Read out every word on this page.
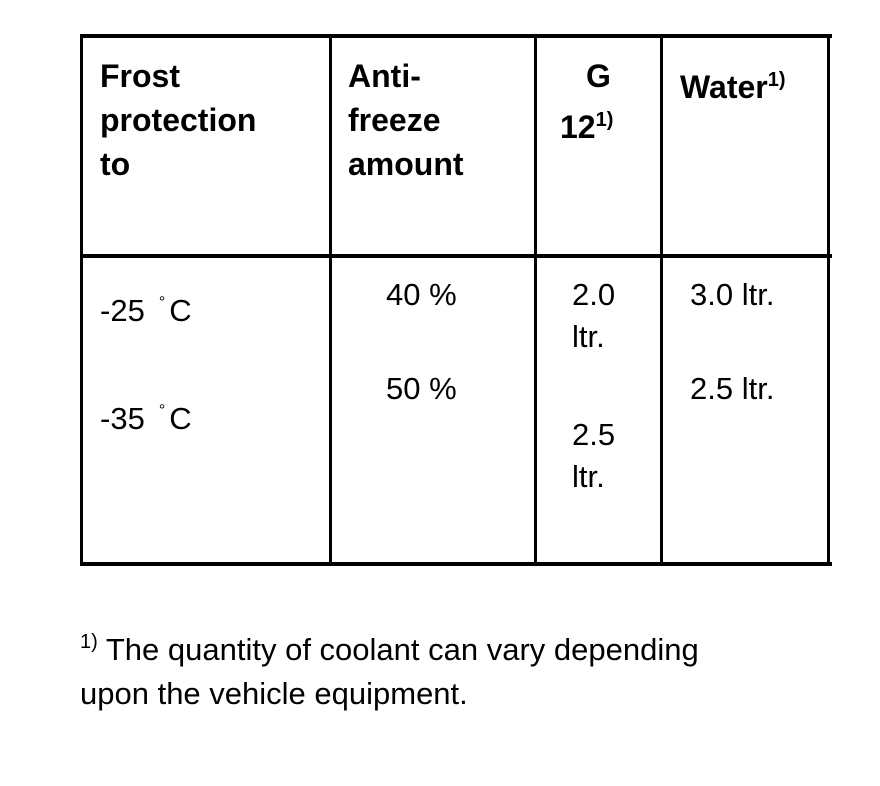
Frost
protection
to
Anti-
freeze
amount
G
12$^{1)}$
Water$^{1)}$
-25 ° C	40 %	2.0
ltr.
3.0 ltr.
-35 ° C
50 %
2.5
ltr.
2.5 ltr.
$^{1)}$ The quantity of coolant can vary depending
upon the vehicle equipment.
